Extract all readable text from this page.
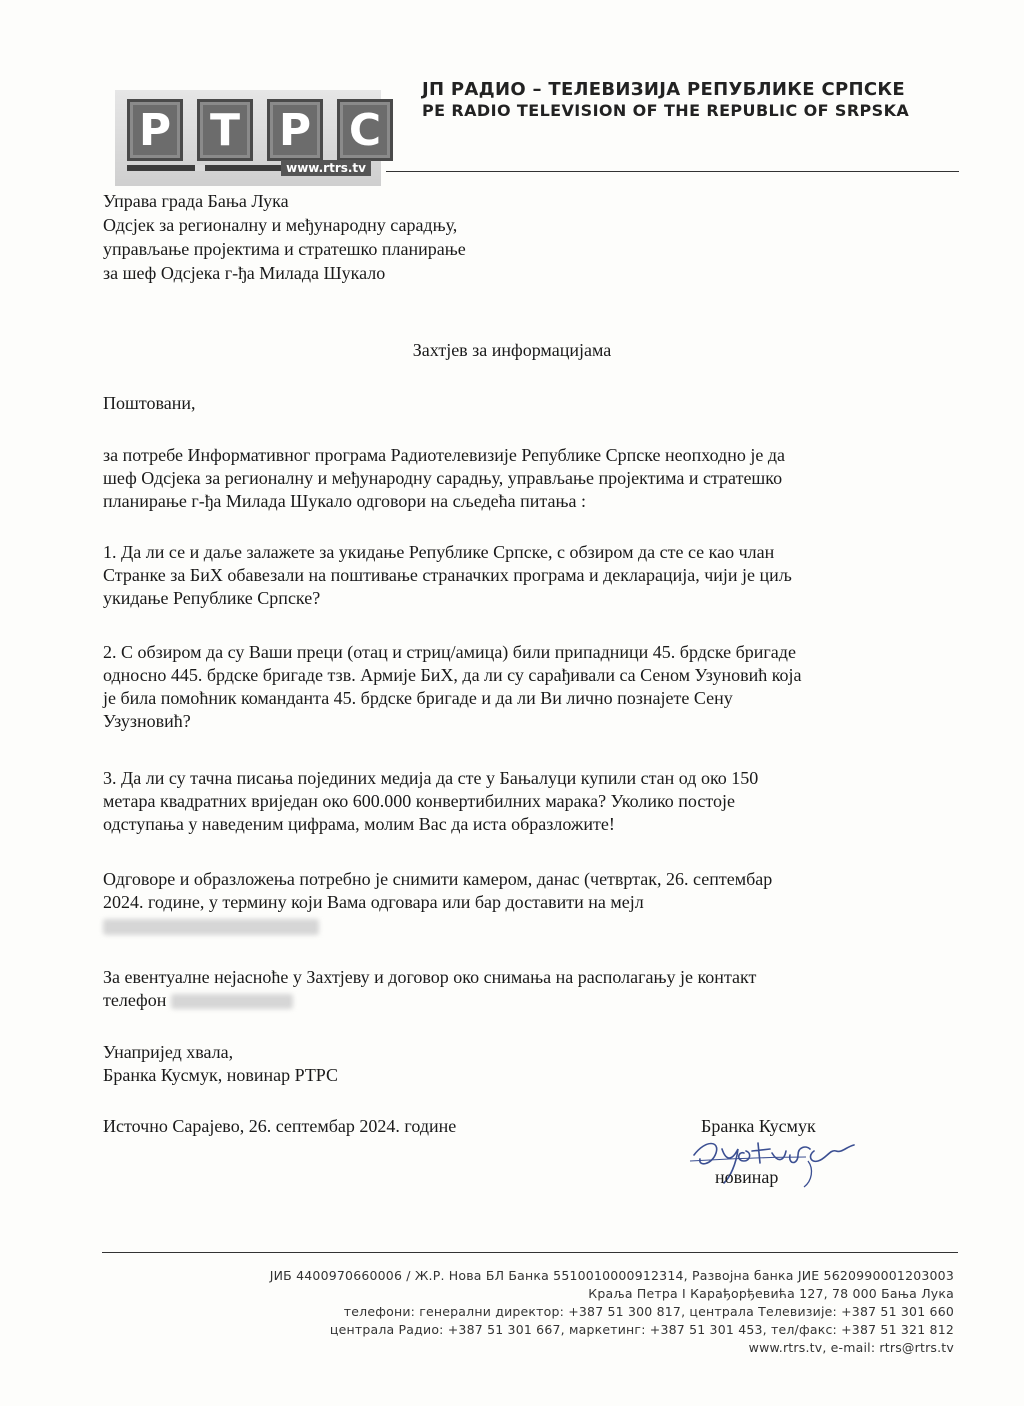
Р Т Р С
www.rtrs.tv
ЈП РАДИО – ТЕЛЕВИЗИЈА РЕПУБЛИКЕ СРПСКЕ
PE RADIO TELEVISION OF THE REPUBLIC OF SRPSKA
Управа града Бања Лука
Одсјек за регионалну и међународну сарадњу,
управљање пројектима и стратешко планирање
за шеф Одсјека г-ђа Милада Шукало
Захтјев за информацијама
Поштовани,
за потребе Информативног програма Радиотелевизије Републике Српске неопходно је да
шеф Одсјека за регионалну и међународну сарадњу, управљање пројектима и стратешко
планирање г-ђа Милада Шукало одговори на сљедећа питања :
1. Да ли се и даље залажете за укидање Републике Српске, с обзиром да сте се као члан
Странке за БиХ обавезали на поштивање страначких програма и декларација, чији је циљ
укидање Републике Српске?
2. С обзиром да су Ваши преци (отац и стриц/амица) били припадници 45. брдске бригаде
односно 445. брдске бригаде тзв. Армије БиХ, да ли су сарађивали са Сеном Узуновић која
је била помоћник команданта 45. брдске бригаде и да ли Ви лично познајете Сену
Узузновић?
3. Да ли су тачна писања појединих медија да сте у Бањалуци купили стан од око 150
метара квадратних вриједан око 600.000 конвертибилних марака? Уколико постоје
одступања у наведеним цифрама, молим Вас да иста образложите!
Одговоре и образложења потребно је снимити камером, данас (четвртак, 26. септембар
2024. године, у термину који Вама одговара или бар доставити на мејл
За евентуалне нејасноће у Захтјеву и договор око снимања на располагању је контакт
телефон
Унапријед хвала,
Бранка Кусмук, новинар РТРС
Источно Сарајево, 26. септембар 2024. године	Бранка Кусмук
новинар
ЈИБ 4400970660006 / Ж.Р. Нова БЛ Банка 5510010000912314, Развојна банка ЈИЕ 5620990001203003
Краља Петра I Карађорђевића 127, 78 000 Бања Лука
телефони: генерални директор: +387 51 300 817, централа Телевизије: +387 51 301 660
централа Радио: +387 51 301 667, маркетинг: +387 51 301 453, тел/факс: +387 51 321 812
www.rtrs.tv, e-mail: rtrs@rtrs.tv
